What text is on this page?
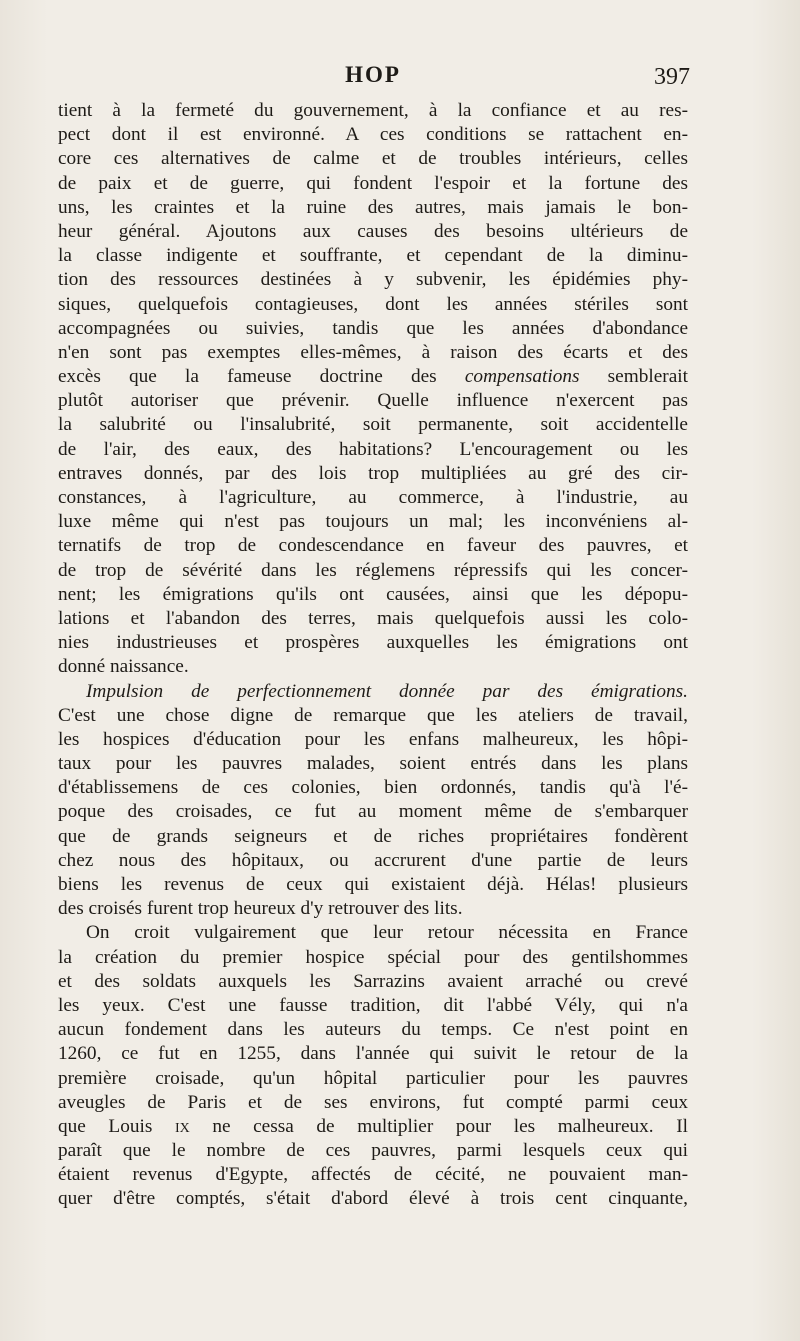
HOP	397
tient à la fermeté du gouvernement, à la confiance et au res-
pect dont il est environné. A ces conditions se rattachent en-
core ces alternatives de calme et de troubles intérieurs, celles
de paix et de guerre, qui fondent l'espoir et la fortune des
uns, les craintes et la ruine des autres, mais jamais le bon-
heur général. Ajoutons aux causes des besoins ultérieurs de
la classe indigente et souffrante, et cependant de la diminu-
tion des ressources destinées à y subvenir, les épidémies phy-
siques, quelquefois contagieuses, dont les années stériles sont
accompagnées ou suivies, tandis que les années d'abondance
n'en sont pas exemptes elles-mêmes, à raison des écarts et des
excès que la fameuse doctrine des compensations semblerait
plutôt autoriser que prévenir. Quelle influence n'exercent pas
la salubrité ou l'insalubrité, soit permanente, soit accidentelle
de l'air, des eaux, des habitations? L'encouragement ou les
entraves donnés, par des lois trop multipliées au gré des cir-
constances, à l'agriculture, au commerce, à l'industrie, au
luxe même qui n'est pas toujours un mal; les inconvéniens al-
ternatifs de trop de condescendance en faveur des pauvres, et
de trop de sévérité dans les réglemens répressifs qui les concer-
nent; les émigrations qu'ils ont causées, ainsi que les dépopu-
lations et l'abandon des terres, mais quelquefois aussi les colo-
nies industrieuses et prospères auxquelles les émigrations ont
donné naissance.
Impulsion de perfectionnement donnée par des émigrations.
C'est une chose digne de remarque que les ateliers de travail,
les hospices d'éducation pour les enfans malheureux, les hôpi-
taux pour les pauvres malades, soient entrés dans les plans
d'établissemens de ces colonies, bien ordonnés, tandis qu'à l'é-
poque des croisades, ce fut au moment même de s'embarquer
que de grands seigneurs et de riches propriétaires fondèrent
chez nous des hôpitaux, ou accrurent d'une partie de leurs
biens les revenus de ceux qui existaient déjà. Hélas! plusieurs
des croisés furent trop heureux d'y retrouver des lits.
On croit vulgairement que leur retour nécessita en France
la création du premier hospice spécial pour des gentilshommes
et des soldats auxquels les Sarrazins avaient arraché ou crevé
les yeux. C'est une fausse tradition, dit l'abbé Vély, qui n'a
aucun fondement dans les auteurs du temps. Ce n'est point en
1260, ce fut en 1255, dans l'année qui suivit le retour de la
première croisade, qu'un hôpital particulier pour les pauvres
aveugles de Paris et de ses environs, fut compté parmi ceux
que Louis ix ne cessa de multiplier pour les malheureux. Il
paraît que le nombre de ces pauvres, parmi lesquels ceux qui
étaient revenus d'Egypte, affectés de cécité, ne pouvaient man-
quer d'être comptés, s'était d'abord élevé à trois cent cinquante,
